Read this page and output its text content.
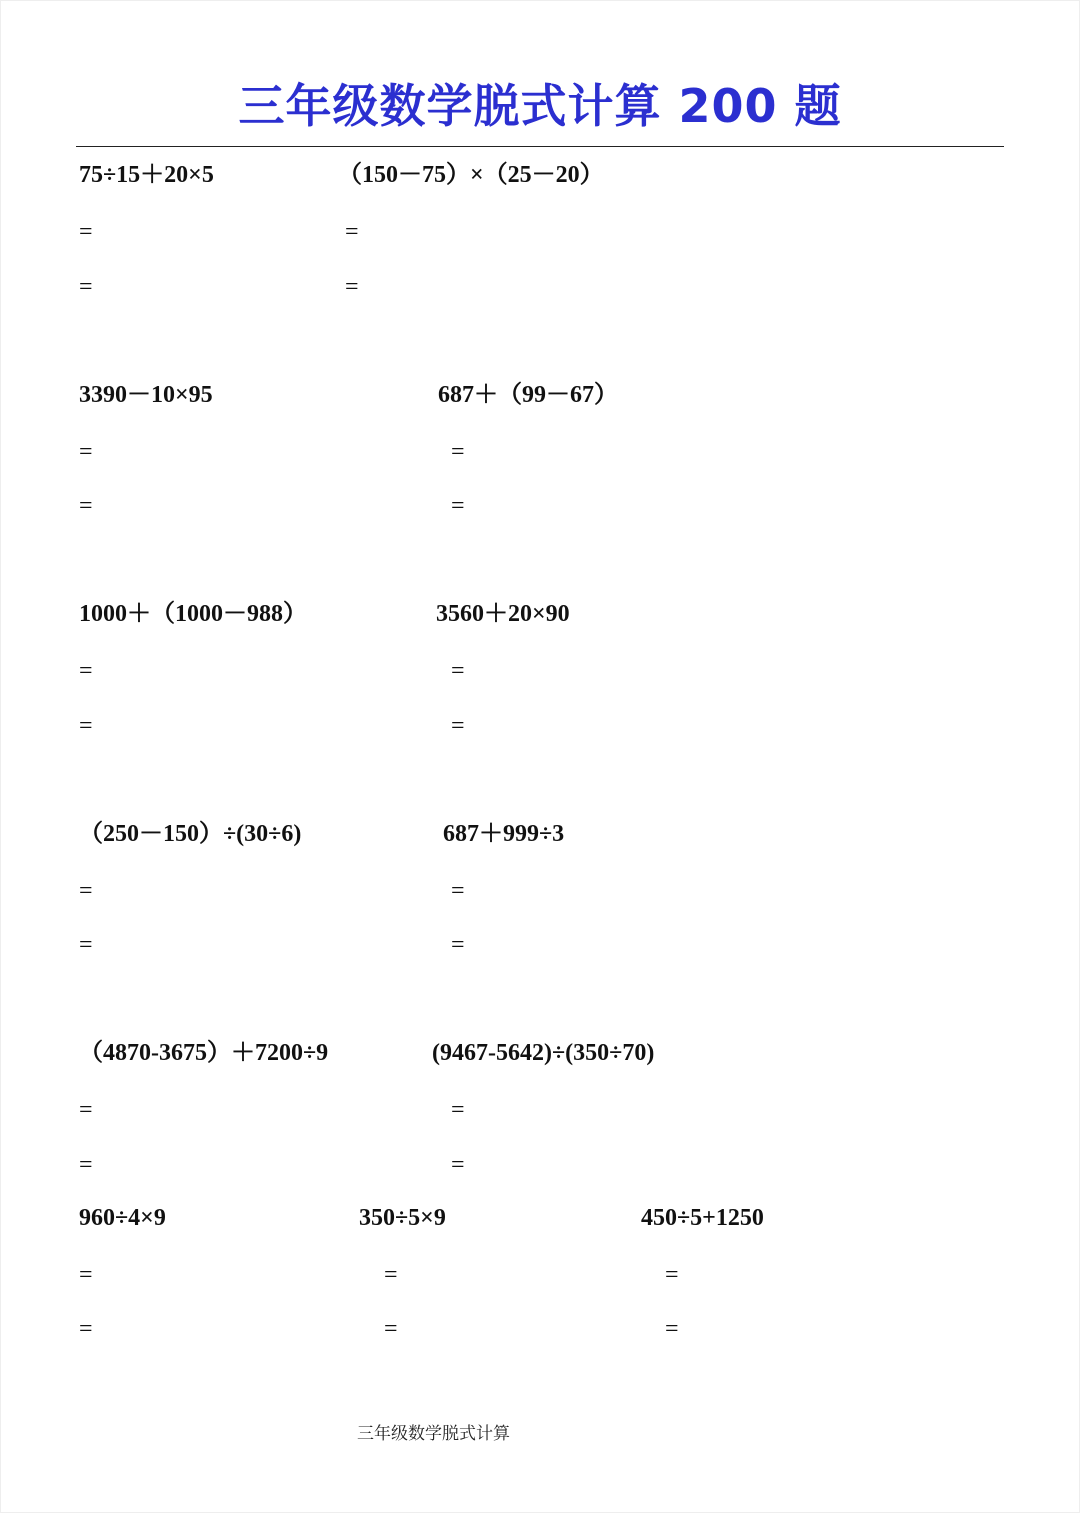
三年级数学脱式计算 200 题
75÷15＋20×5
=
=
（150－75）×（25－20）
=
=
3390－10×95
=
=
687＋（99－67）
=
=
1000＋（1000－988）
=
=
3560＋20×90
=
=
（250－150）÷(30÷6)
=
=
687＋999÷3
=
=
（4870-3675）＋7200÷9
=
=
(9467-5642)÷(350÷70)
=
=
960÷4×9
=
=
350÷5×9
=
=
450÷5+1250
=
=
三年级数学脱式计算
